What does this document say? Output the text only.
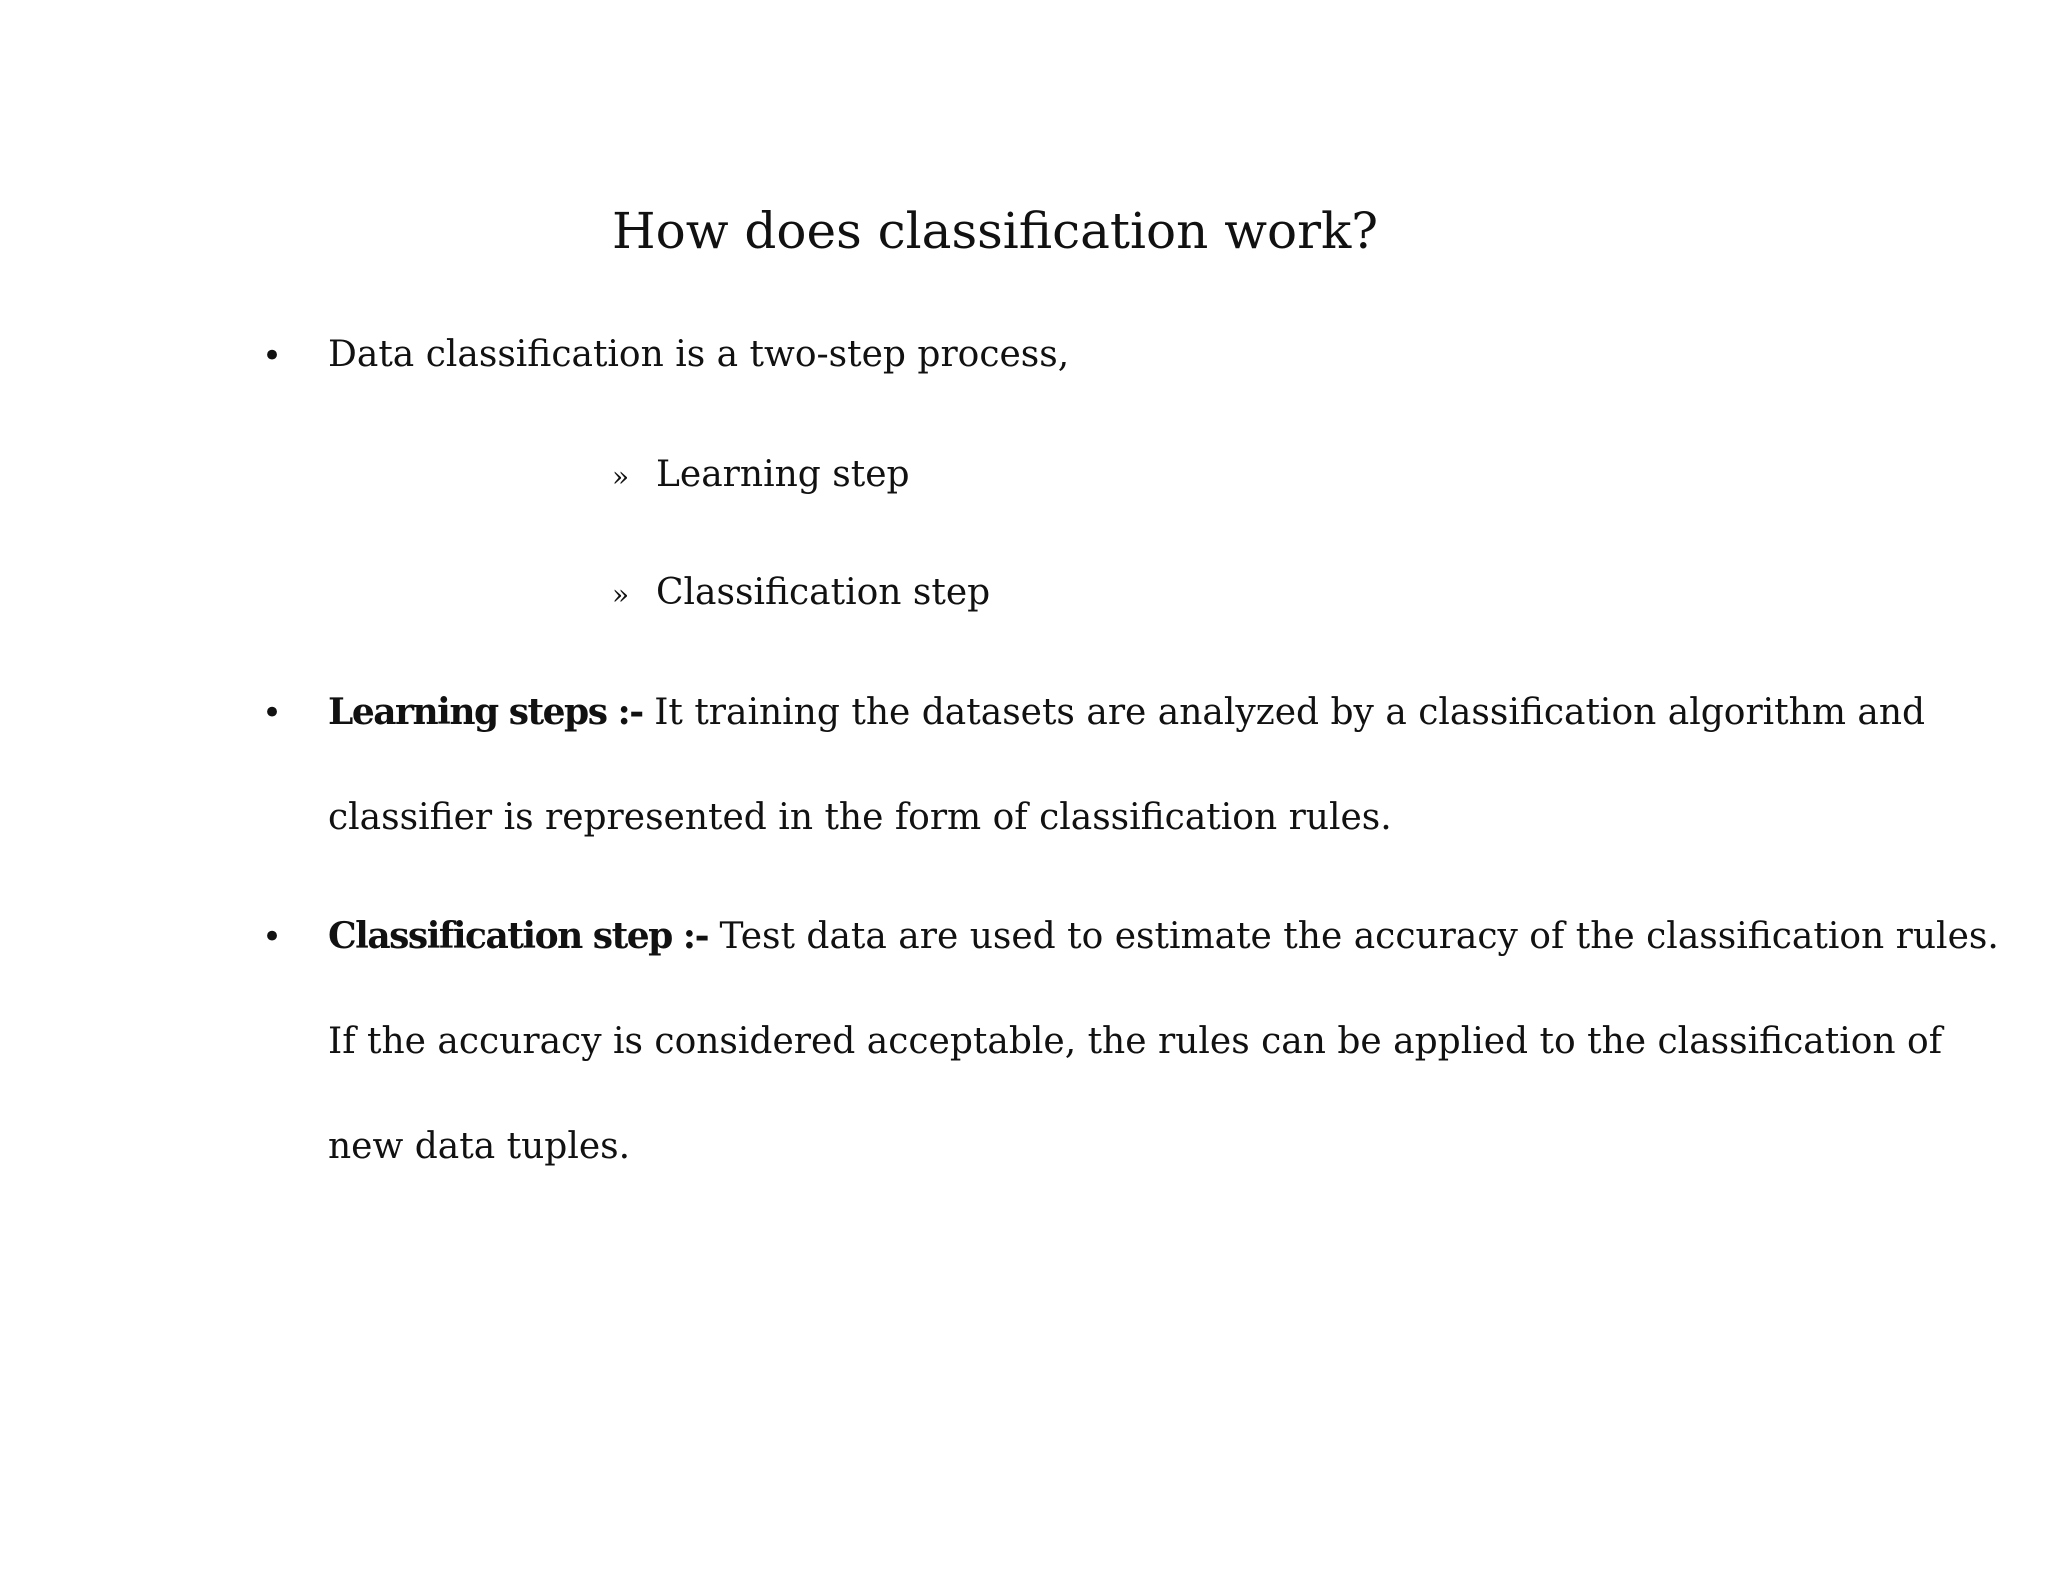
How does classification work?
• Data classification is a two-step process,

» Learning step
» Classification step
• Learning steps :- It training the datasets are analyzed by a classification algorithm and

classifier is represented in the form of classification rules.

• Classification step :- Test data are used to estimate the accuracy of the classification rules.

If the accuracy is considered acceptable, the rules can be applied to the classification of

new data tuples.
